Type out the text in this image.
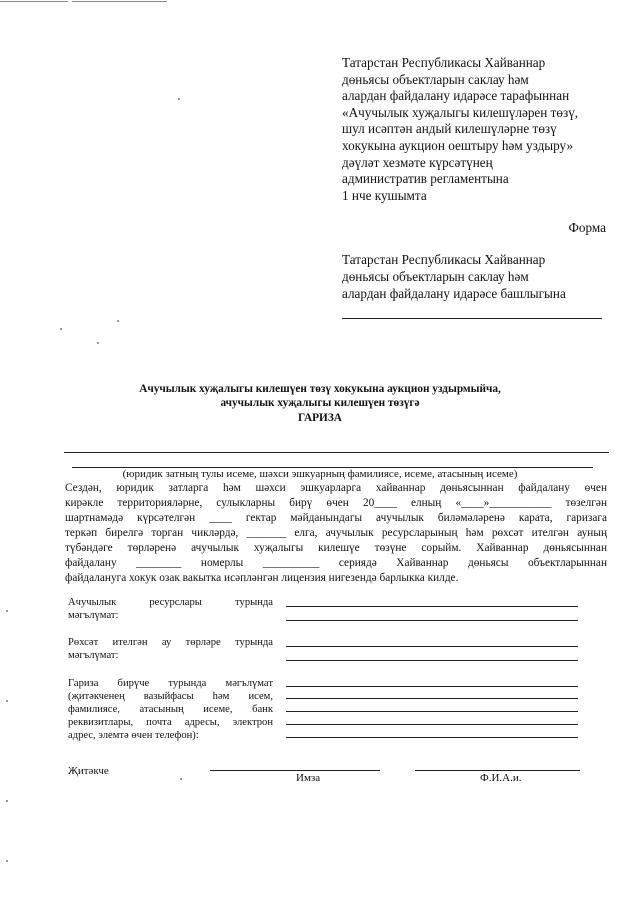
Татарстан Республикасы Хайваннар
дөньясы объектларын саклау һәм
алардан файдалану идарәсе тарафыннан
«Ачучылык хуҗалыгы килешүләрен төзү,
шул исәптән андый килешүләрне төзү
хокукына аукцион оештыру һәм уздыру»
дәүләт хезмәте күрсәтүнең
административ регламентына
1 нче кушымта
Форма
Татарстан Республикасы Хайваннар
дөньясы объектларын саклау һәм
алардан файдалану идарәсе башлыгына
Ачучылык хуҗалыгы килешүен төзү хокукына аукцион уздырмыйча,
ачучылык хуҗалыгы килешүен төзүгә
ГАРИЗА
(юридик затның тулы исеме, шәхси эшкуарның фамилиясе, исеме, атасының исеме)
Сездән, юридик затларга һәм шәхси эшкуарларга хайваннар дөньясыннан файдалану өчен
кирәкле территорияләрне, сулыкларны бирү өчен 20____ елның «____»___________ төзелгән
шартнамәдә күрсәтелгән ____ гектар мәйданындагы ачучылык биләмәләренә карата, гаризага
теркәп бирелгә торган чикләрдә, _______ елга, ачучылык ресурсларының һәм рөхсәт ителгән ауның
түбәндәге төрләренә ачучылык хуҗалыгы килешүе төзүне сорыйм. Хайваннар дөньясыннан
файдалану ________ номерлы __________ сериядә Хайваннар дөньясы объектларыннан
файдалануга хокук озак вакытка исәпләнгән лицензия нигезендә барлыкка килде.
Ачучылык ресурслары турында
мәгълүмат:
Рөхсәт ителгән ау төрләре турында
мәгълүмат:
Гариза бирүче турында мәгълүмат
(җитәкченең вазыйфасы һәм исем,
фамилиясе, атасының исеме, банк
реквизитлары, почта адресы, электрон
адрес, элемтә өчен телефон):
Җитәкче
Имза	Ф.И.А.и.
